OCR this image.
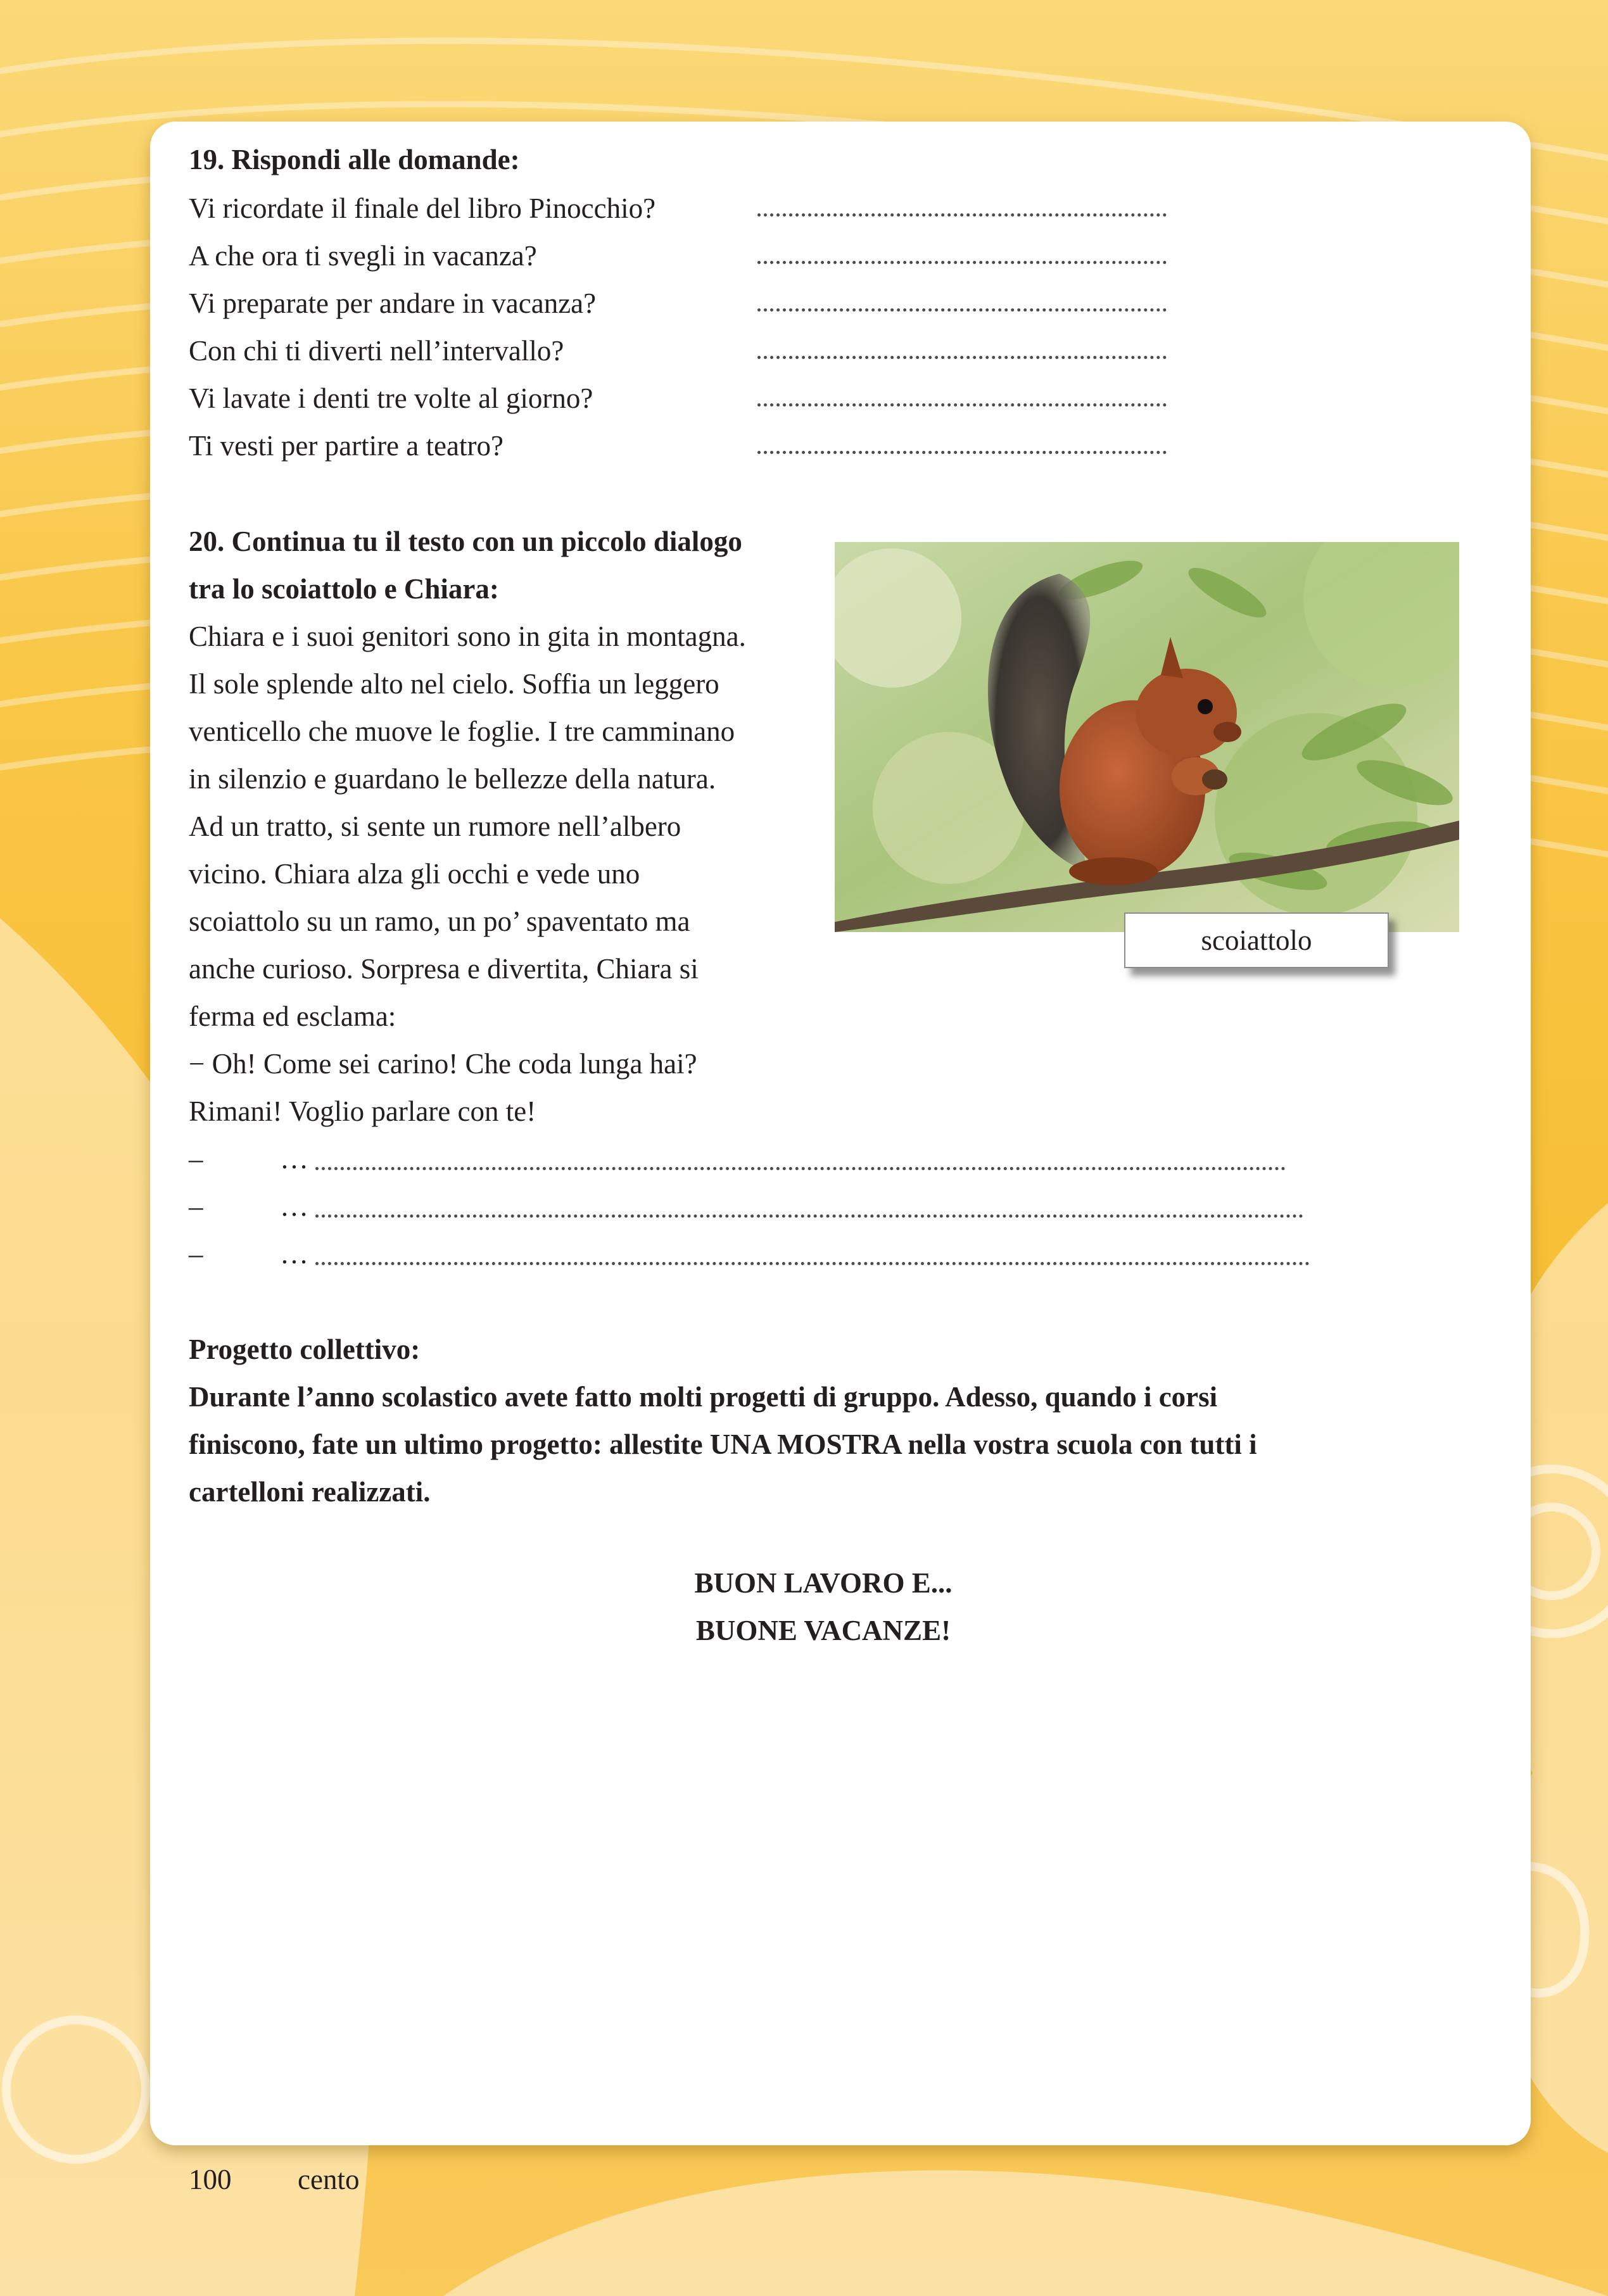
19. Rispondi alle domande:
Vi ricordate il finale del libro Pinocchio?
A che ora ti svegli in vacanza?
Vi preparate per andare in vacanza?
Con chi ti diverti nell’intervallo?
Vi lavate i denti tre volte al giorno?
Ti vesti per partire a teatro?
20. Continua tu il testo con un piccolo dialogo
tra lo scoiattolo e Chiara:
Chiara e i suoi genitori sono in gita in montagna.
Il sole splende alto nel cielo. Soffia un leggero
venticello che muove le foglie. I tre camminano
in silenzio e guardano le bellezze della natura.
Ad un tratto, si sente un rumore nell’albero
vicino. Chiara alza gli occhi e vede uno
scoiattolo su un ramo, un po’ spaventato ma
anche curioso. Sorpresa e divertita, Chiara si
ferma ed esclama:
− Oh! Come sei carino! Che coda lunga hai?
Rimani! Voglio parlare con te!
–	…
–	…
–	…
scoiattolo
Progetto collettivo:
Durante l’anno scolastico avete fatto molti progetti di gruppo. Adesso, quando i corsi
finiscono, fate un ultimo progetto: allestite UNA MOSTRA nella vostra scuola con tutti i
cartelloni realizzati.
BUON LAVORO E...
BUONE VACANZE!
100 cento
